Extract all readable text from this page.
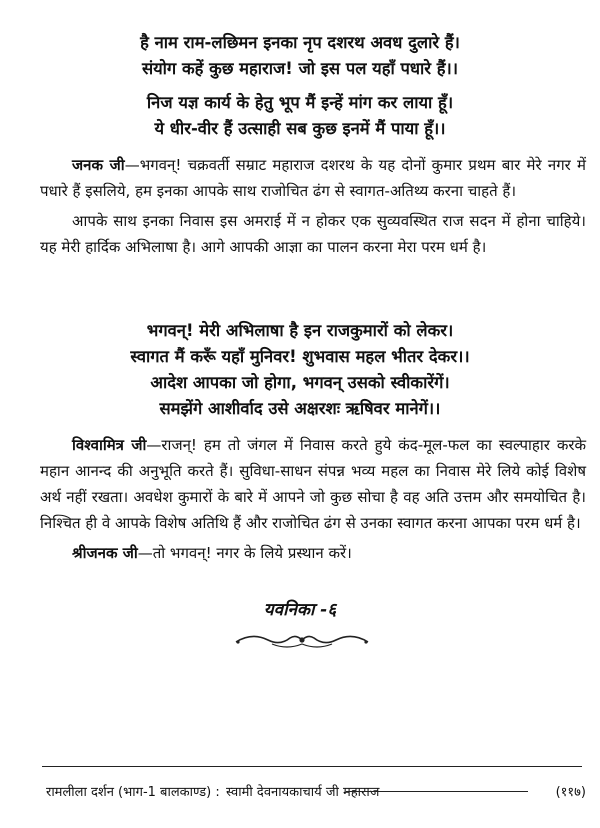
है नाम राम-लछिमन इनका नृप दशरथ अवध दुलारे हैं।
संयोग कहें कुछ महाराज! जो इस पल यहाँ पधारे हैं।।
निज यज्ञ कार्य के हेतु भूप मैं इन्हें मांग कर लाया हूँ।
ये धीर-वीर हैं उत्साही सब कुछ इनमें मैं पाया हूँ।।

जनक जी—भगवन्! चक्रवर्ती सम्राट महाराज दशरथ के यह दोनों कुमार प्रथम बार मेरे नगर में पधारे हैं इसलिये, हम इनका आपके साथ राजोचित ढंग से स्वागत-अतिथ्य करना चाहते हैं।

आपके साथ इनका निवास इस अमराई में न होकर एक सुव्यवस्थित राज सदन में होना चाहिये। यह मेरी हार्दिक अभिलाषा है। आगे आपकी आज्ञा का पालन करना मेरा परम धर्म है।

भगवन्! मेरी अभिलाषा है इन राजकुमारों को लेकर।
स्वागत मैं करूँ यहाँ मुनिवर! शुभवास महल भीतर देकर।।
आदेश आपका जो होगा, भगवन् उसको स्वीकारेंगें।
समझेंगे आशीर्वाद उसे अक्षरशः ऋषिवर मानेगें।।

विश्वामित्र जी—राजन्! हम तो जंगल में निवास करते हुये कंद-मूल-फल का स्वल्पाहार करके महान आनन्द की अनुभूति करते हैं। सुविधा-साधन संपन्न भव्य महल का निवास मेरे लिये कोई विशेष अर्थ नहीं रखता। अवधेश कुमारों के बारे में आपने जो कुछ सोचा है वह अति उत्तम और समयोचित है। निश्चित ही वे आपके विशेष अतिथि हैं और राजोचित ढंग से उनका स्वागत करना आपका परम धर्म है।

श्रीजनक जी—तो भगवन्! नगर के लिये प्रस्थान करें।

यवनिका -६
रामलीला दर्शन (भाग-1 बालकाण्ड) : स्वामी देवनायकाचार्य जी महाराज	(११७)
